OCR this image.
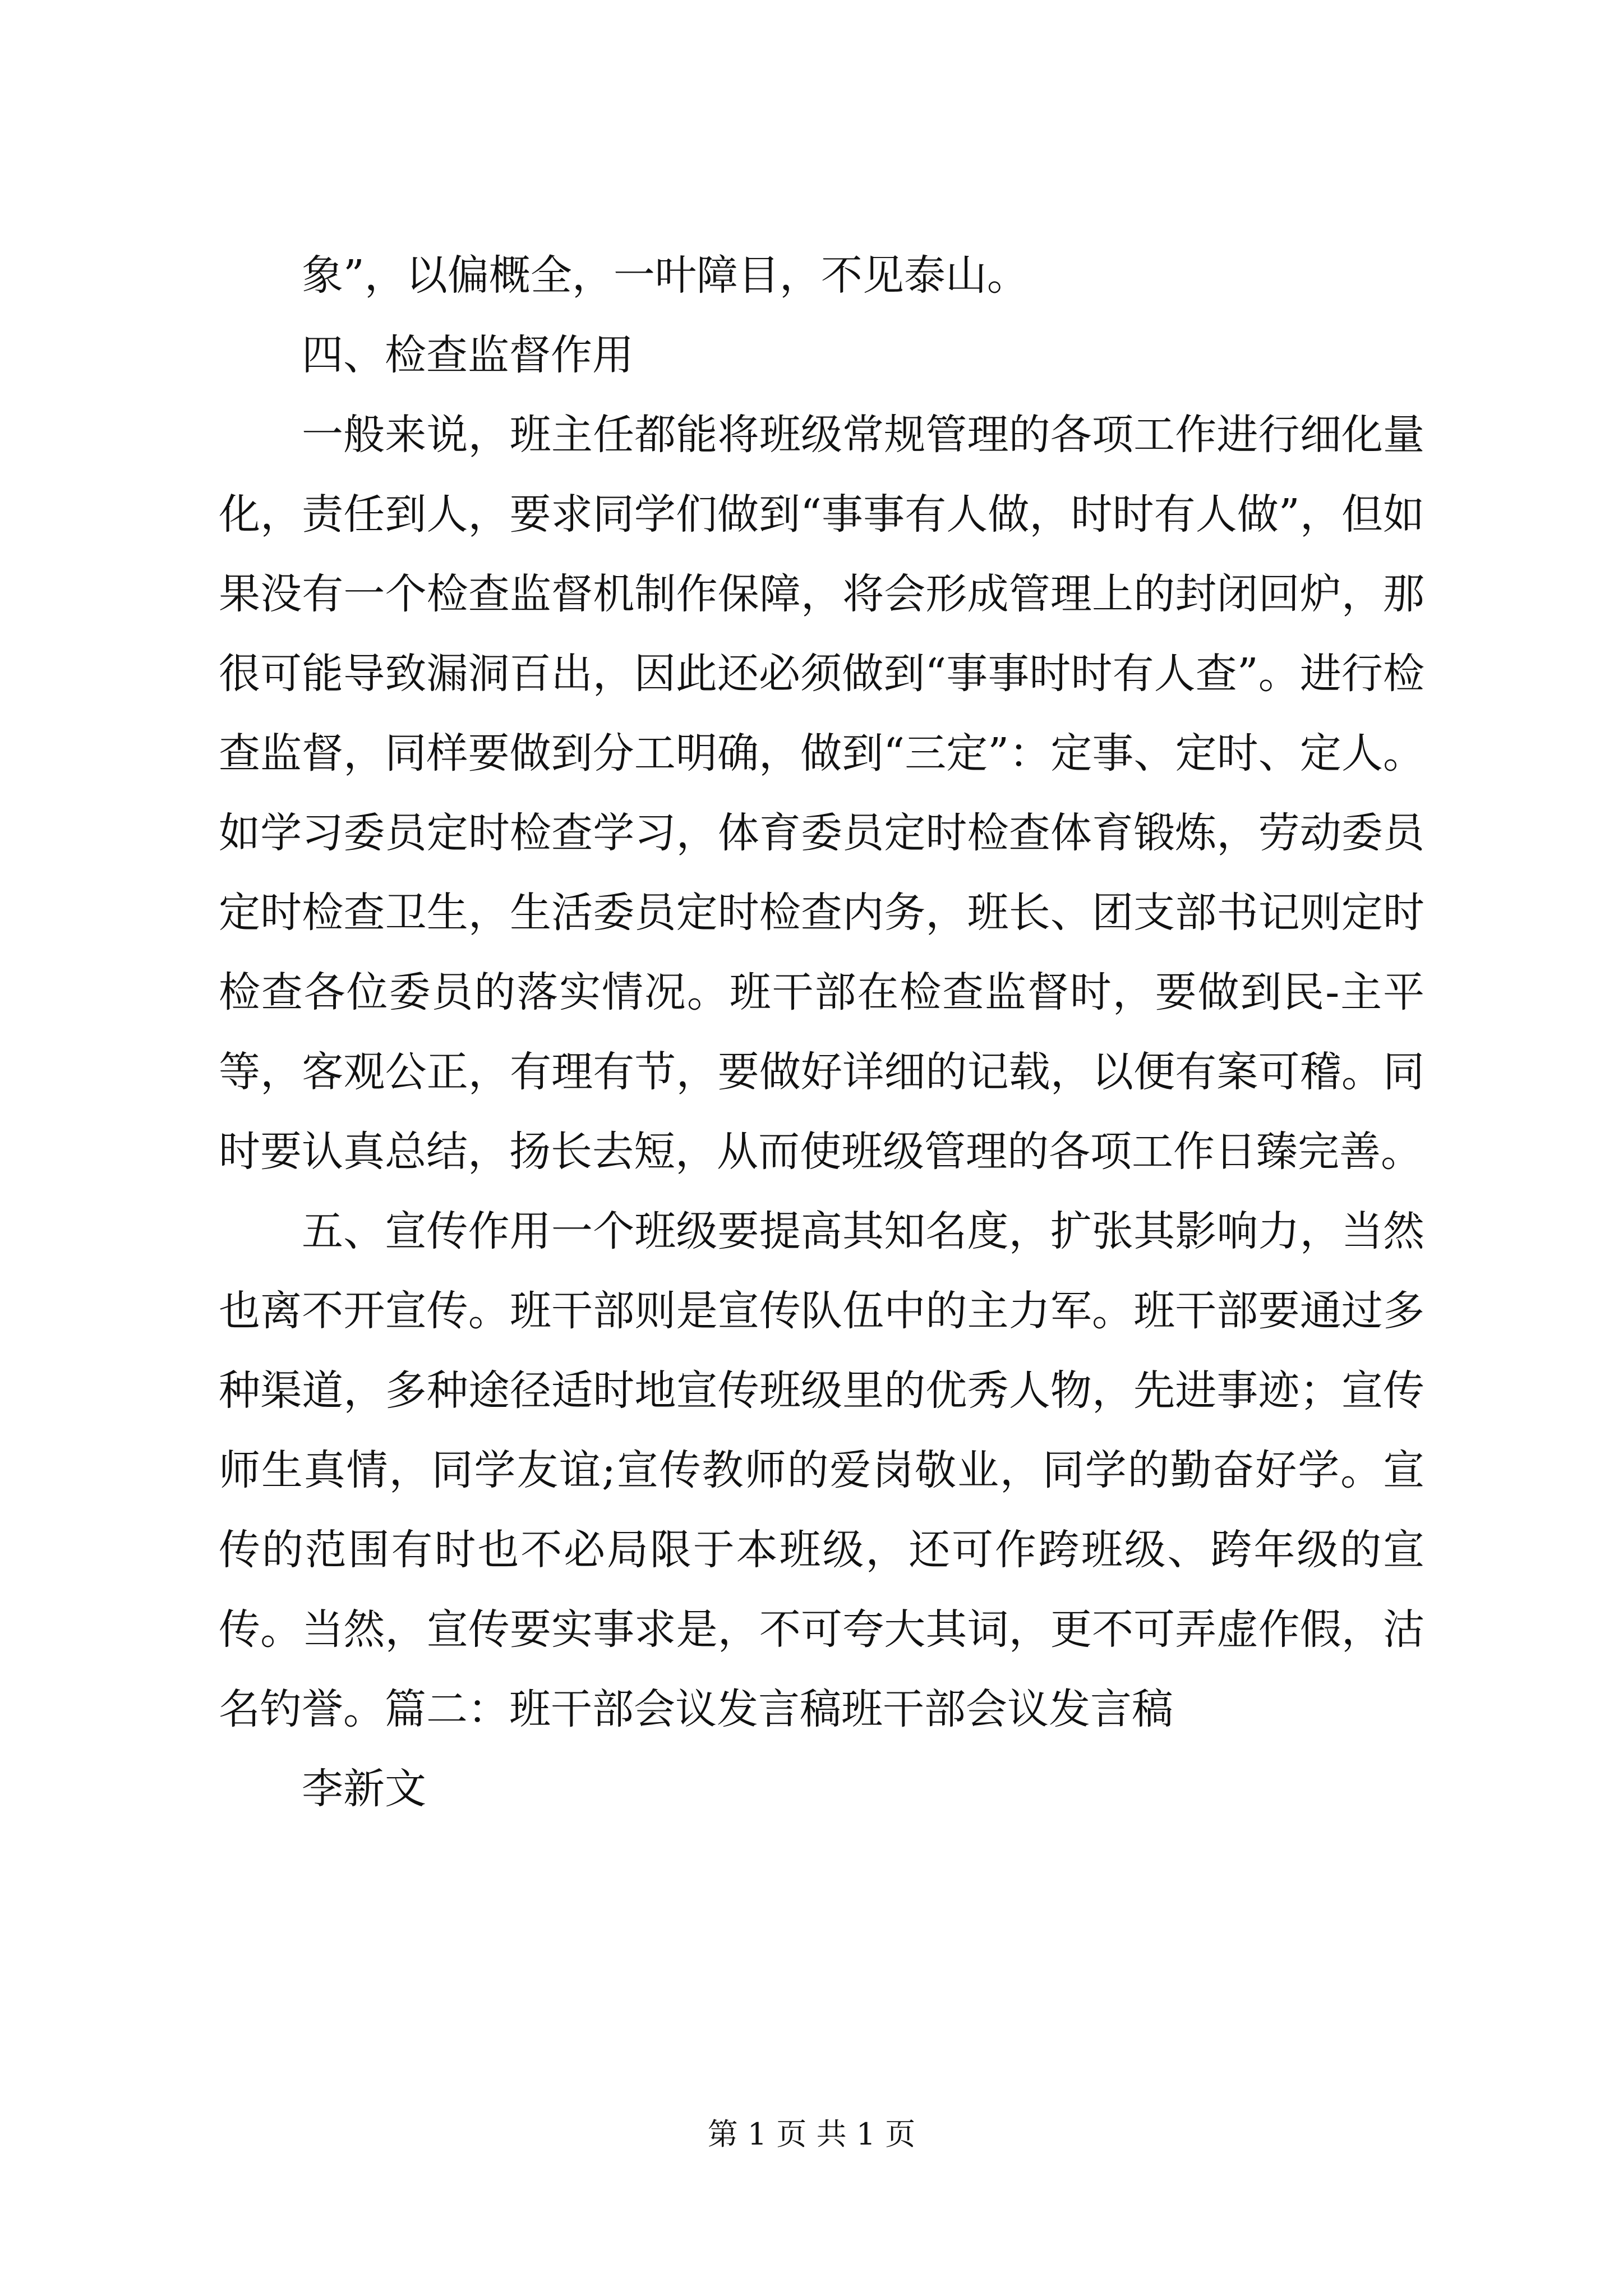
象”，以偏概全，一叶障目，不见泰山。

四、检查监督作用

一般来说，班主任都能将班级常规管理的各项工作进行细化量化，责任到人，要求同学们做到“事事有人做，时时有人做”，但如果没有一个检查监督机制作保障，将会形成管理上的封闭回炉，那很可能导致漏洞百出，因此还必须做到“事事时时有人查”。进行检查监督，同样要做到分工明确，做到“三定”：定事、定时、定人。如学习委员定时检查学习，体育委员定时检查体育锻炼，劳动委员定时检查卫生，生活委员定时检查内务，班长、团支部书记则定时检查各位委员的落实情况。班干部在检查监督时，要做到民-主平等，客观公正，有理有节，要做好详细的记载，以便有案可稽。同时要认真总结，扬长去短，从而使班级管理的各项工作日臻完善。

五、宣传作用一个班级要提高其知名度，扩张其影响力，当然也离不开宣传。班干部则是宣传队伍中的主力军。班干部要通过多种渠道，多种途径适时地宣传班级里的优秀人物，先进事迹；宣传师生真情，同学友谊;宣传教师的爱岗敬业，同学的勤奋好学。宣传的范围有时也不必局限于本班级，还可作跨班级、跨年级的宣传。当然，宣传要实事求是，不可夸大其词，更不可弄虚作假，沽名钓誉。篇二：班干部会议发言稿班干部会议发言稿

李新文

第 1 页 共 1 页
